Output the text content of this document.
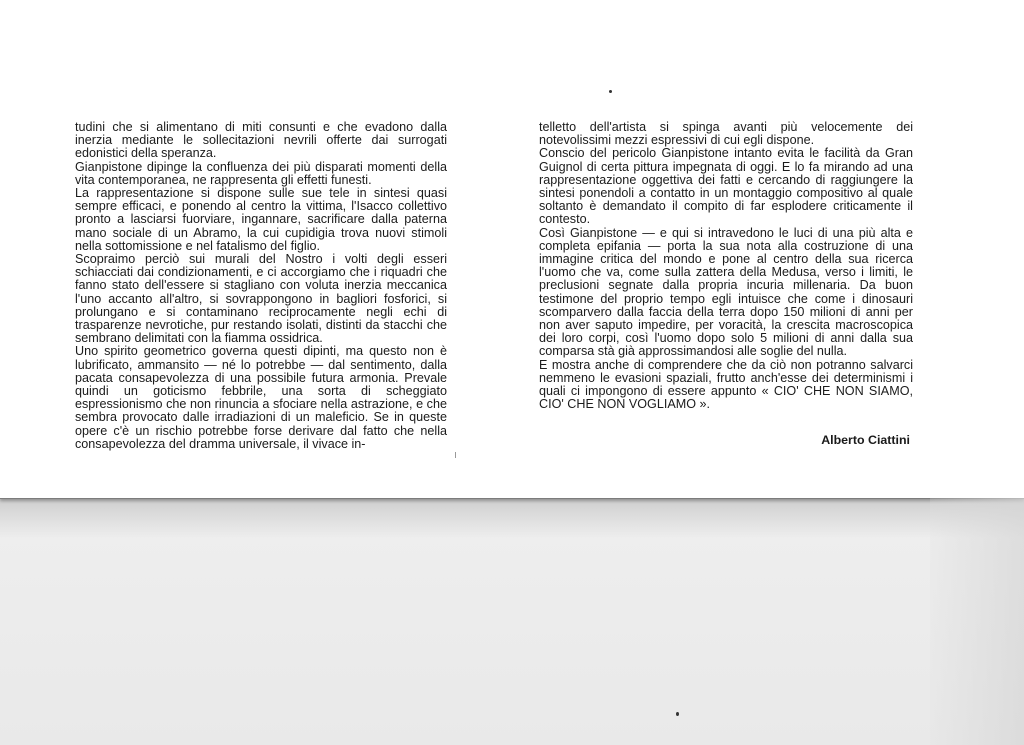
tudini che si alimentano di miti consunti e che evadono dalla inerzia mediante le sollecitazioni nevrili offerte dai surrogati edonistici della speranza.

Gianpistone dipinge la confluenza dei più disparati momenti della vita contemporanea, ne rappresenta gli effetti funesti.

La rappresentazione si dispone sulle sue tele in sintesi quasi sempre efficaci, e ponendo al centro la vittima, l'Isacco collettivo pronto a lasciarsi fuorviare, ingannare, sacrificare dalla paterna mano sociale di un Abramo, la cui cupidigia trova nuovi stimoli nella sottomissione e nel fatalismo del figlio.

Scopraimo perciò sui murali del Nostro i volti degli esseri schiacciati dai condizionamenti, e ci accorgiamo che i riquadri che fanno stato dell'essere si stagliano con voluta inerzia meccanica l'uno accanto all'altro, si sovrappongono in bagliori fosforici, si prolungano e si contaminano reciprocamente negli echi di trasparenze nevrotiche, pur restando isolati, distinti da stacchi che sembrano delimitati con la fiamma ossidrica.

Uno spirito geometrico governa questi dipinti, ma questo non è lubrificato, ammansito — né lo potrebbe — dal sentimento, dalla pacata consapevolezza di una possibile futura armonia. Prevale quindi un goticismo febbrile, una sorta di scheggiato espressionismo che non rinuncia a sfociare nella astrazione, e che sembra provocato dalle irradiazioni di un maleficio. Se in queste opere c'è un rischio potrebbe forse derivare dal fatto che nella consapevolezza del dramma universale, il vivace in-

telletto dell'artista si spinga avanti più velocemente dei notevolissimi mezzi espressivi di cui egli dispone.

Conscio del pericolo Gianpistone intanto evita le facilità da Gran Guignol di certa pittura impegnata di oggi. E lo fa mirando ad una rappresentazione oggettiva dei fatti e cercando di raggiungere la sintesi ponendoli a contatto in un montaggio compositivo al quale soltanto è demandato il compito di far esplodere criticamente il contesto.

Così Gianpistone — e qui si intravedono le luci di una più alta e completa epifania — porta la sua nota alla costruzione di una immagine critica del mondo e pone al centro della sua ricerca l'uomo che va, come sulla zattera della Medusa, verso i limiti, le preclusioni segnate dalla propria incuria millenaria. Da buon testimone del proprio tempo egli intuisce che come i dinosauri scomparvero dalla faccia della terra dopo 150 milioni di anni per non aver saputo impedire, per voracità, la crescita macroscopica dei loro corpi, così l'uomo dopo solo 5 milioni di anni dalla sua comparsa stà già approssimandosi alle soglie del nulla.

E mostra anche di comprendere che da ciò non potranno salvarci nemmeno le evasioni spaziali, frutto anch'esse dei determinismi i quali ci impongono di essere appunto « CIO' CHE NON SIAMO, CIO' CHE NON VOGLIAMO ».

Alberto Ciattini
